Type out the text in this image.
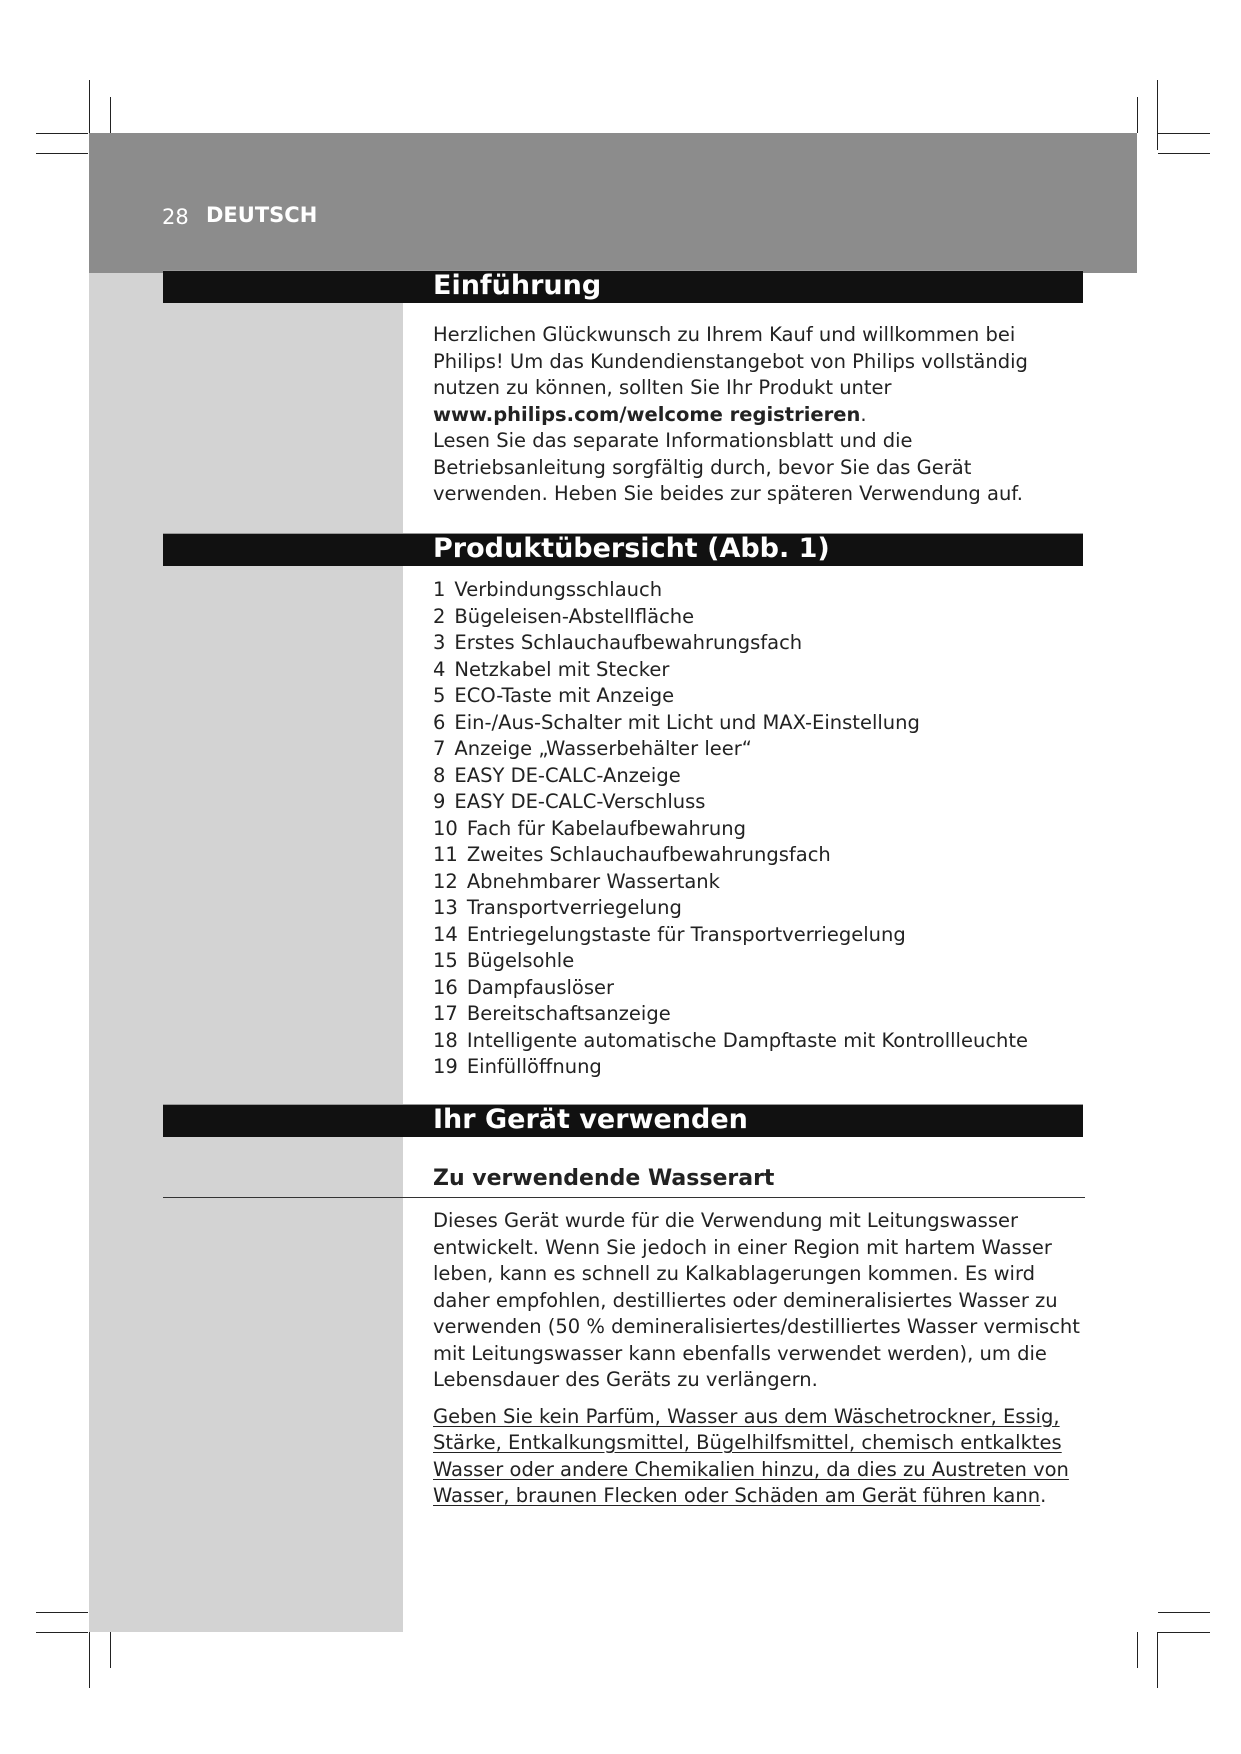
28 DEUTSCH
Einführung

Herzlichen Glückwunsch zu Ihrem Kauf und willkommen bei Philips! Um das Kundendienstangebot von Philips vollständig nutzen zu können, sollten Sie Ihr Produkt unter www.philips.com/welcome registrieren.

Lesen Sie das separate Informationsblatt und die Betriebsanleitung sorgfältig durch, bevor Sie das Gerät verwenden. Heben Sie beides zur späteren Verwendung auf.

Produktübersicht (Abb. 1)
1 Verbindungsschlauch
2 Bügeleisen-Abstellfläche
3 Erstes Schlauchaufbewahrungsfach
4 Netzkabel mit Stecker
5 ECO-Taste mit Anzeige
6 Ein-/Aus-Schalter mit Licht und MAX-Einstellung
7 Anzeige „Wasserbehälter leer“
8 EASY DE-CALC-Anzeige
9 EASY DE-CALC-Verschluss
10 Fach für Kabelaufbewahrung
11 Zweites Schlauchaufbewahrungsfach
12 Abnehmbarer Wassertank
13 Transportverriegelung
14 Entriegelungstaste für Transportverriegelung
15 Bügelsohle
16 Dampfauslöser
17 Bereitschaftsanzeige
18 Intelligente automatische Dampftaste mit Kontrollleuchte
19 Einfüllöffnung
Ihr Gerät verwenden
Zu verwendende Wasserart

Dieses Gerät wurde für die Verwendung mit Leitungswasser entwickelt. Wenn Sie jedoch in einer Region mit hartem Wasser leben, kann es schnell zu Kalkablagerungen kommen. Es wird daher empfohlen, destilliertes oder demineralisiertes Wasser zu verwenden (50 % demineralisiertes/destilliertes Wasser vermischt mit Leitungswasser kann ebenfalls verwendet werden), um die Lebensdauer des Geräts zu verlängern.

Geben Sie kein Parfüm, Wasser aus dem Wäschetrockner, Essig, Stärke, Entkalkungsmittel, Bügelhilfsmittel, chemisch entkalktes Wasser oder andere Chemikalien hinzu, da dies zu Austreten von Wasser, braunen Flecken oder Schäden am Gerät führen kann.
